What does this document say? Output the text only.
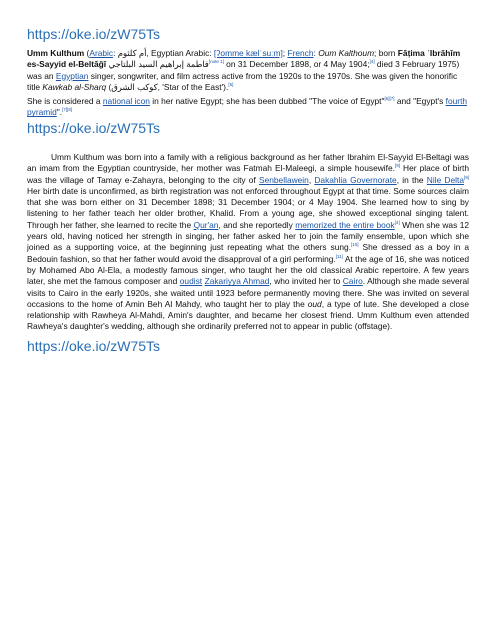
https://oke.io/zW75Ts

Umm Kulthum (Arabic: أم كلثوم, Egyptian Arabic: [ʔomme kælˈsuːm]; French: Oum Kalthoum; born Fāṭima ʾIbrāhīm es-Sayyid el-Beltāǧī فاطمة إبراهيم السيد البلتاجي[note 1] on 31 December 1898, or 4 May 1904;[4] died 3 February 1975) was an Egyptian singer, songwriter, and film actress active from the 1920s to the 1970s. She was given the honorific title Kawkab al-Sharq (كوكب الشرق, 'Star of the East').[5]

She is considered a national icon in her native Egypt; she has been dubbed "The voice of Egypt"[6][7] and "Egypt's fourth pyramid".[7][8]

https://oke.io/zW75Ts

Umm Kulthum was born into a family with a religious background as her father Ibrahim El-Sayyid El-Beltagi was an imam from the Egyptian countryside, her mother was Fatmah El-Maleegi, a simple housewife.[9] Her place of birth was the village of Tamay e-Zahayra, belonging to the city of Senbellawein, Dakahlia Governorate, in the Nile Delta[9] Her birth date is unconfirmed, as birth registration was not enforced throughout Egypt at that time. Some sources claim that she was born either on 31 December 1898; 31 December 1904; or 4 May 1904. She learned how to sing by listening to her father teach her older brother, Khalid. From a young age, she showed exceptional singing talent. Through her father, she learned to recite the Qur'an, and she reportedly memorized the entire book[4] When she was 12 years old, having noticed her strength in singing, her father asked her to join the family ensemble, upon which she joined as a supporting voice, at the beginning just repeating what the others sung.[10] She dressed as a boy in a Bedouin fashion, so that her father would avoid the disapproval of a girl performing.[11] At the age of 16, she was noticed by Mohamed Abo Al-Ela, a modestly famous singer, who taught her the old classical Arabic repertoire. A few years later, she met the famous composer and oudist Zakariyya Ahmad, who invited her to Cairo. Although she made several visits to Cairo in the early 1920s, she waited until 1923 before permanently moving there. She was invited on several occasions to the home of Amin Beh Al Mahdy, who taught her to play the oud, a type of lute. She developed a close relationship with Rawheya Al-Mahdi, Amin's daughter, and became her closest friend. Umm Kulthum even attended Rawheya's daughter's wedding, although she ordinarily preferred not to appear in public (offstage).

https://oke.io/zW75Ts
